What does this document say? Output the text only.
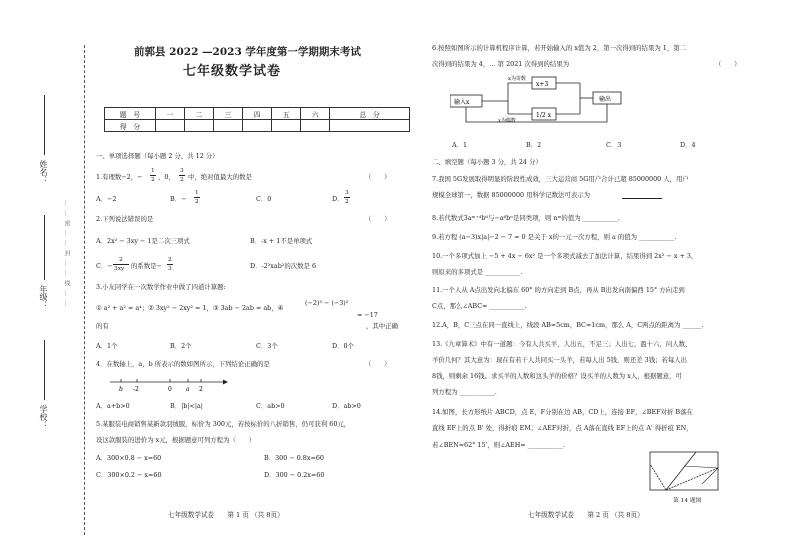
……密……封……线……
姓名：
年级：
学校：
前郭县 2022 —2023 学年度第一学期期末考试
七年级数学试卷
题　号	一	二	三	四	五	六	总　分
得　分							
一、单项选择题（每小题 2 分，共 12 分）
1.有理数−2，−
1
2 ，0，
3
2 中，绝对值最大的数是	（　　）
A．−2	B．−
1
2	C．0	D．
3
2
2.下列说法错误的是	（　　）
A．2x² − 3xy − 1是二次三项式	B．-x + 1不是单项式
C．−
2
3xy 的系数是−
2
3	D．-2²xab²的次数是 6
3.小友同学在一次数学作业中做了四道计算题:
① a² + a² = a⁴；② 3xy² − 2xy² = 1，③ 3ab − 2ab = ab，④
(−2)³ − (−3)²
= −17
，其中正确
的有
A．1个	B．2个	C．3个	D．0个
4．在数轴上，a，b 所表示的数如图所示，下列结论正确的是	（　　）
b -2	0 a 2
A．a+b>0	B．|b|<|a|	C．ab>0	D．ab>0
5.某服装电商销售某新款羽绒服，标价为 300元，若按标价的八折销售，仍可获利 60元，
设这款服装的进价为 x元，根据题意可列方程为（　　）
A．300×0.8 − x=60	B．300 − 0.8x=60
C．300×0.2 − x=60	D．300 − 0.2x=60
七年级数学试卷　　第 1 页 （共 8页）
6.按照如图所示的计算机程序计算，若开始输入的 x值为 2，第一次得到的结果为 1，第二
次得到的结果为 4，… 第 2021 次得到的结果为	（　　）
输入x
x为奇数
x为偶数
x+3
1/2 x
输出
A．1	B．2	C．3	D．4
二、填空题（每小题 3 分，共 24 分）
7.我国 5G发展取得明显的阶段性成效，三大运营商 5G用户合计已超 85000000 人，用户
规模全球第一，数据 85000000 用科学记数法可表示为
8.若代数式3aᵐ⁺⁴b⁶与−a⁶bⁿ是同类项，则 nᵐ的值为 ___________.
9.若方程 (a−3)x|a|−2 − 7 = 0 是关于 x的一元一次方程，则 a 的值为 ___________.
10.一个多项式加上 −5 + 4x − 6x² 是一个多项式减去了加法计算，结果得到 2x² − x + 3，
则原来的多项式是 ___________.
11.一个人从 A点出发向北偏东 60° 的方向走到 B点，再从 B出发向南偏西 15° 方向走到
C点，那么∠ABC= ___________.
12.A，B，C三点在同一直线上，线段 AB=5cm，BC=1cm，那么 A，C两点的距离为 ______.
13.《九章算术》中有一道题：今有人共买羊，人出五，不足三；人出七，盈十六，问人数、
羊价几何？其大意为：现在有若干人共同买一头羊，若每人出 5钱，则还差 3钱；若每人出
8钱，则剩余 16钱。求买羊的人数和这头羊的价格？设买羊的人数为 x人，根据题意，可
列方程为 ___________.
14.如图，长方形纸片 ABCD，点 E，F分别在边 AB，CD上，连接 EF，∠BEF对折 B落在
直线 EF上的点 B' 处，得折痕 EM；∠AEF对折，点 A落在直线 EF上的点 A' 得折痕 EN，
若∠BEN=62° 15'，则∠AEH= ___________.
第 14 题图
七年级数学试卷　　第 2 页 （共 8页）
